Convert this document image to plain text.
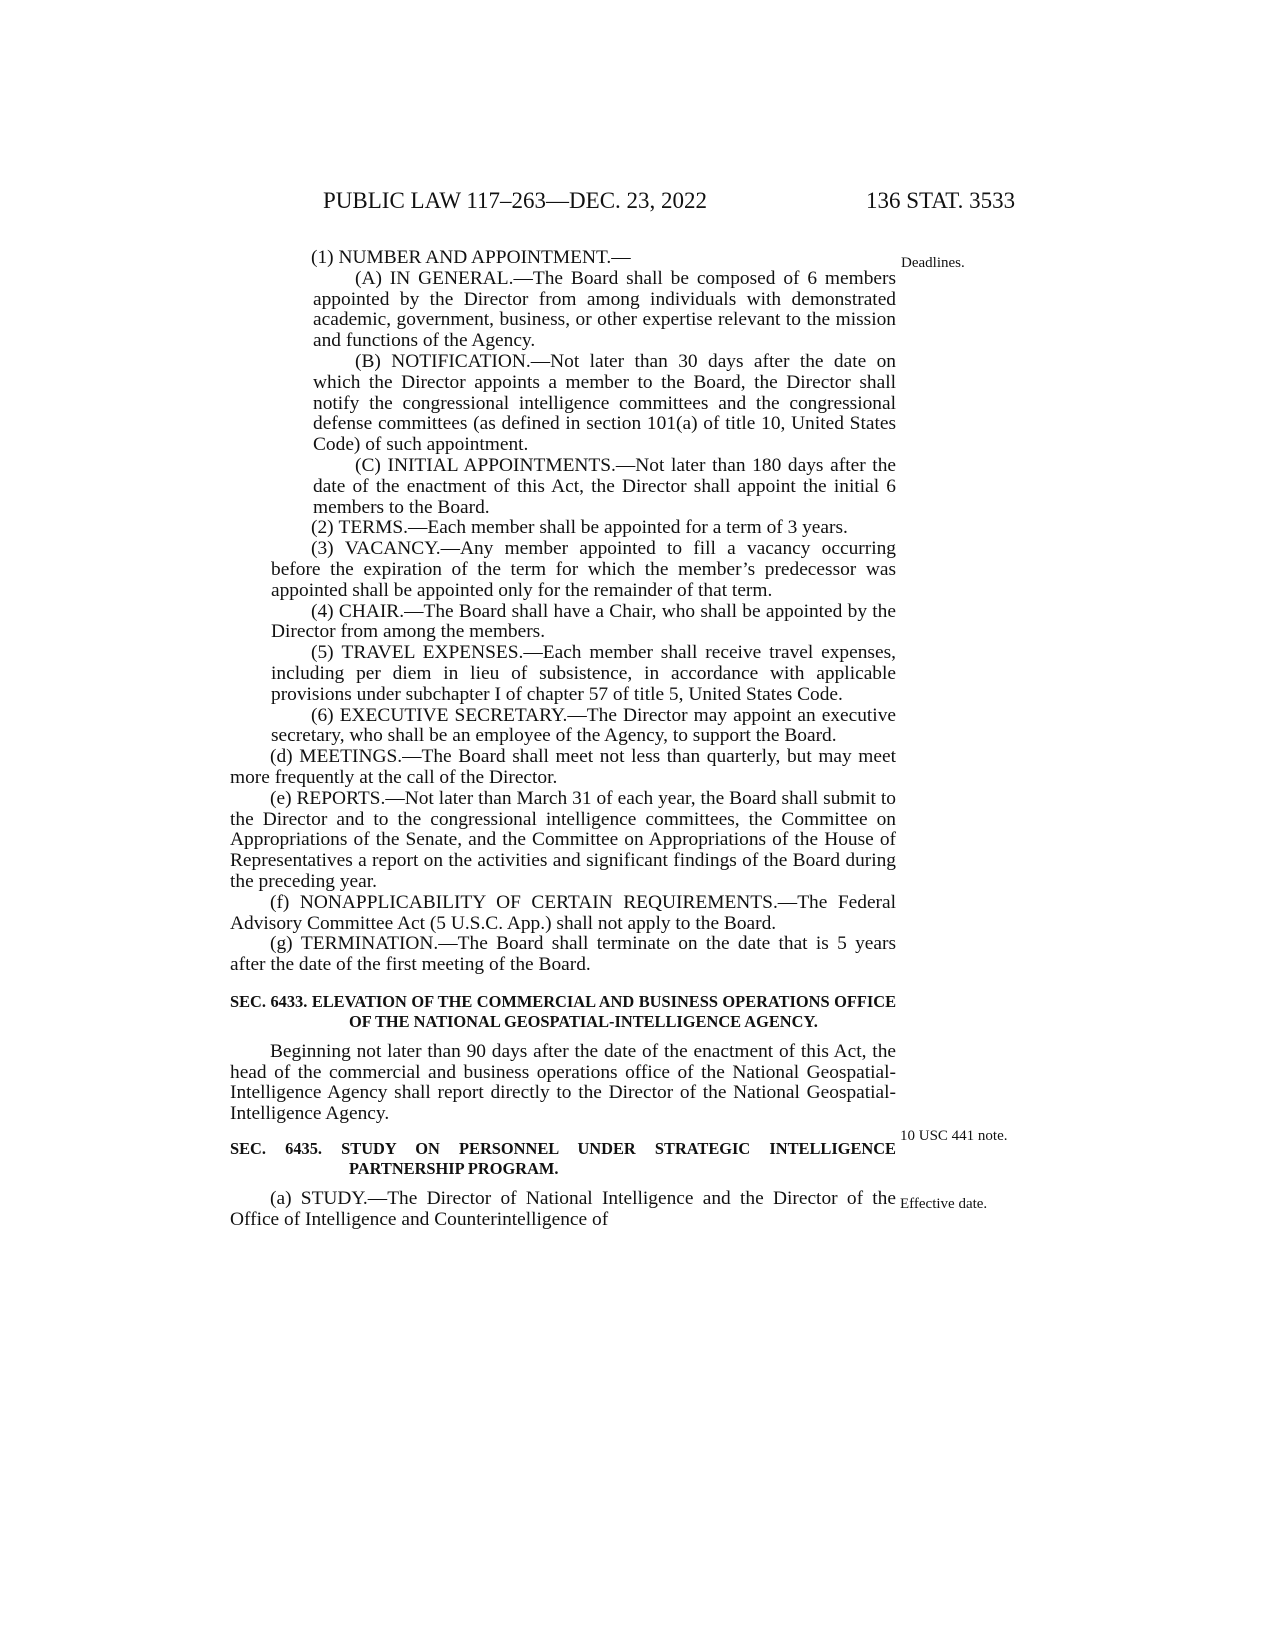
PUBLIC LAW 117–263—DEC. 23, 2022	136 STAT. 3533
Deadlines.
10 USC 441 note.
Effective date.

(1) NUMBER AND APPOINTMENT.—

(A) IN GENERAL.—The Board shall be composed of 6 members appointed by the Director from among individuals with demonstrated academic, government, business, or other expertise relevant to the mission and functions of the Agency.

(B) NOTIFICATION.—Not later than 30 days after the date on which the Director appoints a member to the Board, the Director shall notify the congressional intelligence committees and the congressional defense committees (as defined in section 101(a) of title 10, United States Code) of such appointment.

(C) INITIAL APPOINTMENTS.—Not later than 180 days after the date of the enactment of this Act, the Director shall appoint the initial 6 members to the Board.

(2) TERMS.—Each member shall be appointed for a term of 3 years.

(3) VACANCY.—Any member appointed to fill a vacancy occurring before the expiration of the term for which the member’s predecessor was appointed shall be appointed only for the remainder of that term.

(4) CHAIR.—The Board shall have a Chair, who shall be appointed by the Director from among the members.

(5) TRAVEL EXPENSES.—Each member shall receive travel expenses, including per diem in lieu of subsistence, in accordance with applicable provisions under subchapter I of chapter 57 of title 5, United States Code.

(6) EXECUTIVE SECRETARY.—The Director may appoint an executive secretary, who shall be an employee of the Agency, to support the Board.

(d) MEETINGS.—The Board shall meet not less than quarterly, but may meet more frequently at the call of the Director.

(e) REPORTS.—Not later than March 31 of each year, the Board shall submit to the Director and to the congressional intelligence committees, the Committee on Appropriations of the Senate, and the Committee on Appropriations of the House of Representatives a report on the activities and significant findings of the Board during the preceding year.

(f) NONAPPLICABILITY OF CERTAIN REQUIREMENTS.—The Federal Advisory Committee Act (5 U.S.C. App.) shall not apply to the Board.

(g) TERMINATION.—The Board shall terminate on the date that is 5 years after the date of the first meeting of the Board.

SEC. 6433. ELEVATION OF THE COMMERCIAL AND BUSINESS OPERATIONS OFFICE OF THE NATIONAL GEOSPATIAL-INTELLIGENCE AGENCY.

Beginning not later than 90 days after the date of the enactment of this Act, the head of the commercial and business operations office of the National Geospatial-Intelligence Agency shall report directly to the Director of the National Geospatial-Intelligence Agency.

SEC. 6435. STUDY ON PERSONNEL UNDER STRATEGIC INTELLIGENCE PARTNERSHIP PROGRAM.

(a) STUDY.—The Director of National Intelligence and the Director of the Office of Intelligence and Counterintelligence of
